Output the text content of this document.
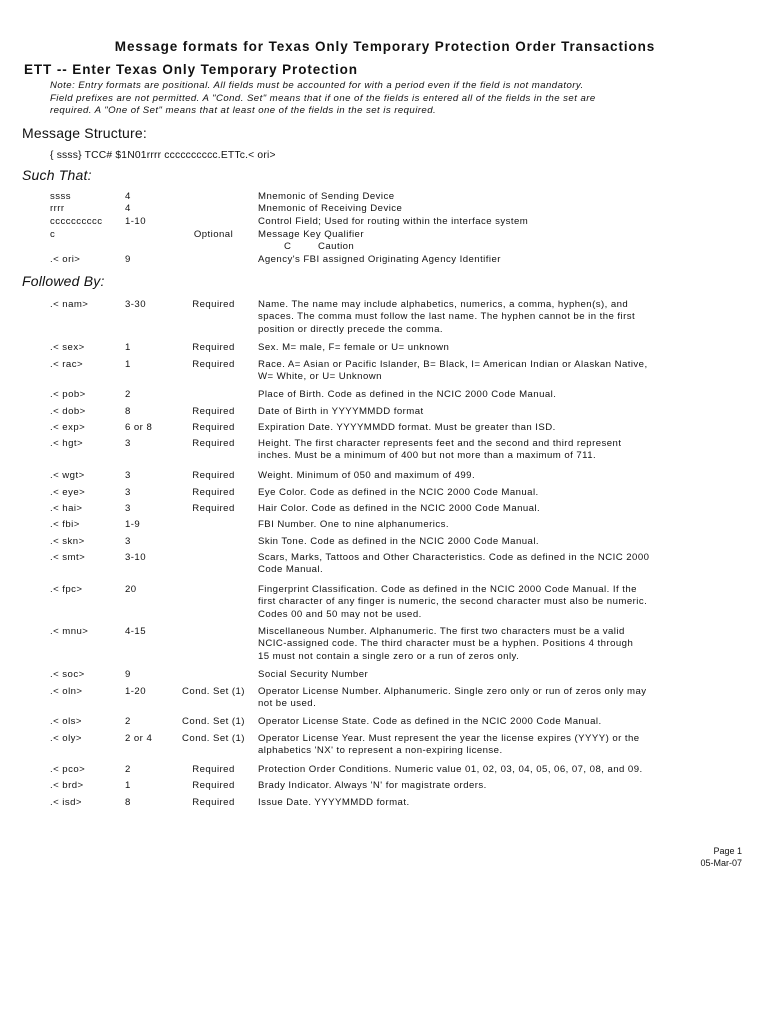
Message formats for Texas Only Temporary Protection Order Transactions
ETT -- Enter Texas Only Temporary Protection
Note: Entry formats are positional. All fields must be accounted for with a period even if the field is not mandatory.
Field prefixes are not permitted. A "Cond. Set" means that if one of the fields is entered all of the fields in the set are
required. A "One of Set" means that at least one of the fields in the set is required.
Message Structure:
{ ssss} TCC# $1N01rrrr cccccccccc.ETTc.< ori>
Such That:
ssss	4	Mnemonic of Sending Device
rrrr	4	Mnemonic of Receiving Device
cccccccccc 1-10	Control Field; Used for routing within the interface system
c	Optional	Message Key Qualifier
C	Caution
.< ori>	9	Agency's FBI assigned Originating Agency Identifier
Followed By:
.< nam>	3-30	Required	Name. The name may include alphabetics, numerics, a comma, hyphen(s), and
spaces. The comma must follow the last name. The hyphen cannot be in the first
position or directly precede the comma.
.< sex>	1	Required	Sex. M= male, F= female or U= unknown
.< rac>	1	Required	Race. A= Asian or Pacific Islander, B= Black, I= American Indian or Alaskan Native,
W= White, or U= Unknown
.< pob>	2	Place of Birth. Code as defined in the NCIC 2000 Code Manual.
.< dob>	8	Required	Date of Birth in YYYYMMDD format
.< exp>	6 or 8	Required	Expiration Date. YYYYMMDD format. Must be greater than ISD.
.< hgt>	3	Required	Height. The first character represents feet and the second and third represent
inches. Must be a minimum of 400 but not more than a maximum of 711.
.< wgt>	3	Required	Weight. Minimum of 050 and maximum of 499.
.< eye>	3	Required	Eye Color. Code as defined in the NCIC 2000 Code Manual.
.< hai>	3	Required	Hair Color. Code as defined in the NCIC 2000 Code Manual.
.< fbi>	1-9	FBI Number. One to nine alphanumerics.
.< skn>	3	Skin Tone. Code as defined in the NCIC 2000 Code Manual.
.< smt>	3-10	Scars, Marks, Tattoos and Other Characteristics. Code as defined in the NCIC 2000
Code Manual.
.< fpc>	20	Fingerprint Classification. Code as defined in the NCIC 2000 Code Manual. If the
first character of any finger is numeric, the second character must also be numeric.
Codes 00 and 50 may not be used.
.< mnu>	4-15	Miscellaneous Number. Alphanumeric. The first two characters must be a valid
NCIC-assigned code. The third character must be a hyphen. Positions 4 through
15 must not contain a single zero or a run of zeros only.
.< soc>	9	Social Security Number
.< oln>	1-20	Cond. Set (1)	Operator License Number. Alphanumeric. Single zero only or run of zeros only may
not be used.
.< ols>	2	Cond. Set (1)	Operator License State. Code as defined in the NCIC 2000 Code Manual.
.< oly>	2 or 4	Cond. Set (1)	Operator License Year. Must represent the year the license expires (YYYY) or the
alphabetics 'NX' to represent a non-expiring license.
.< pco>	2	Required	Protection Order Conditions. Numeric value 01, 02, 03, 04, 05, 06, 07, 08, and 09.
.< brd>	1	Required	Brady Indicator. Always 'N' for magistrate orders.
.< isd>	8	Required	Issue Date. YYYYMMDD format.
Page 1
05-Mar-07
